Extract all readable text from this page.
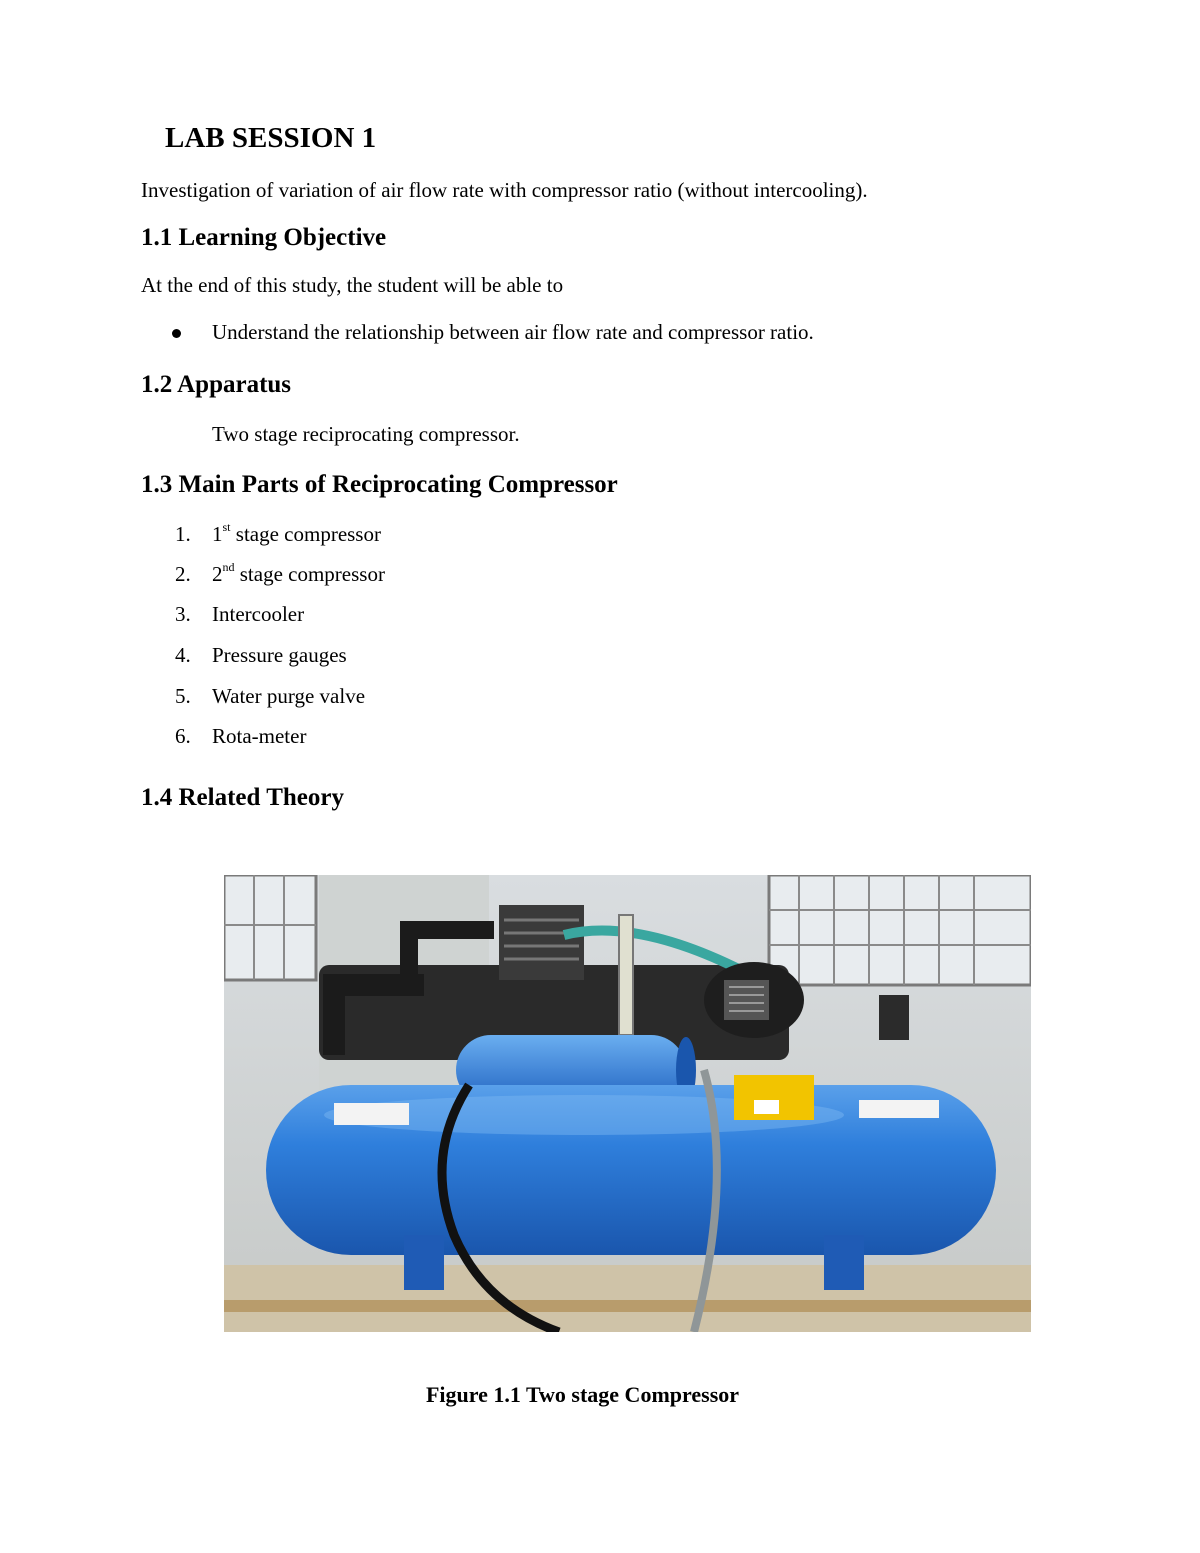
LAB SESSION 1

Investigation of variation of air flow rate with compressor ratio (without intercooling).

1.1 Learning Objective

At the end of this study, the student will be able to

Understand the relationship between air flow rate and compressor ratio.
1.2 Apparatus

Two stage reciprocating compressor.

1.3 Main Parts of Reciprocating Compressor
1. 1st stage compressor
2. 2nd stage compressor
3. Intercooler
4. Pressure gauges
5. Water purge valve
6. Rota-meter
1.4 Related Theory
Figure 1.1 Two stage Compressor
